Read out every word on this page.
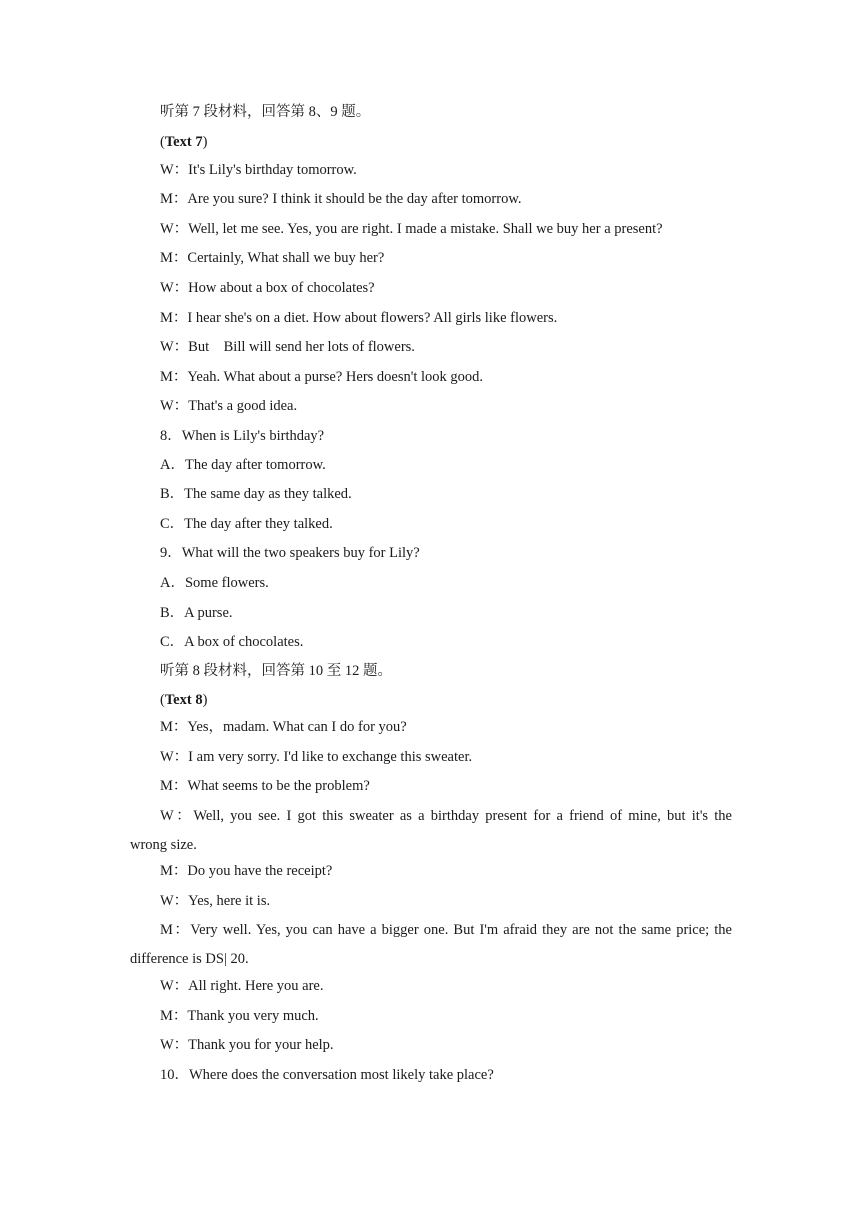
听第 7 段材料，回答第 8、9 题。
(Text 7)
W：It's Lily's birthday tomorrow.
M：Are you sure? I think it should be the day after tomorrow.
W：Well, let me see. Yes, you are right. I made a mistake. Shall we buy her a present?
M：Certainly, What shall we buy her?
W：How about a box of chocolates?
M：I hear she's on a diet. How about flowers? All girls like flowers.
W：But    Bill will send her lots of flowers.
M：Yeah. What about a purse? Hers doesn't look good.
W：That's a good idea.
8．When is Lily's birthday?
A．The day after tomorrow.
B．The same day as they talked.
C．The day after they talked.
9．What will the two speakers buy for Lily?
A．Some flowers.
B．A purse.
C．A box of chocolates.
听第 8 段材料，回答第 10 至 12 题。
(Text 8)
M：Yes，madam. What can I do for you?
W：I am very sorry. I'd like to exchange this sweater.
M：What seems to be the problem?
W：Well, you see. I got this sweater as a birthday present for a friend of mine, but it's the
wrong size.
M：Do you have the receipt?
W：Yes, here it is.
M：Very well. Yes, you can have a bigger one. But I'm afraid they are not the same price; the
difference is DS| 20.
W：All right. Here you are.
M：Thank you very much.
W：Thank you for your help.
10．Where does the conversation most likely take place?
